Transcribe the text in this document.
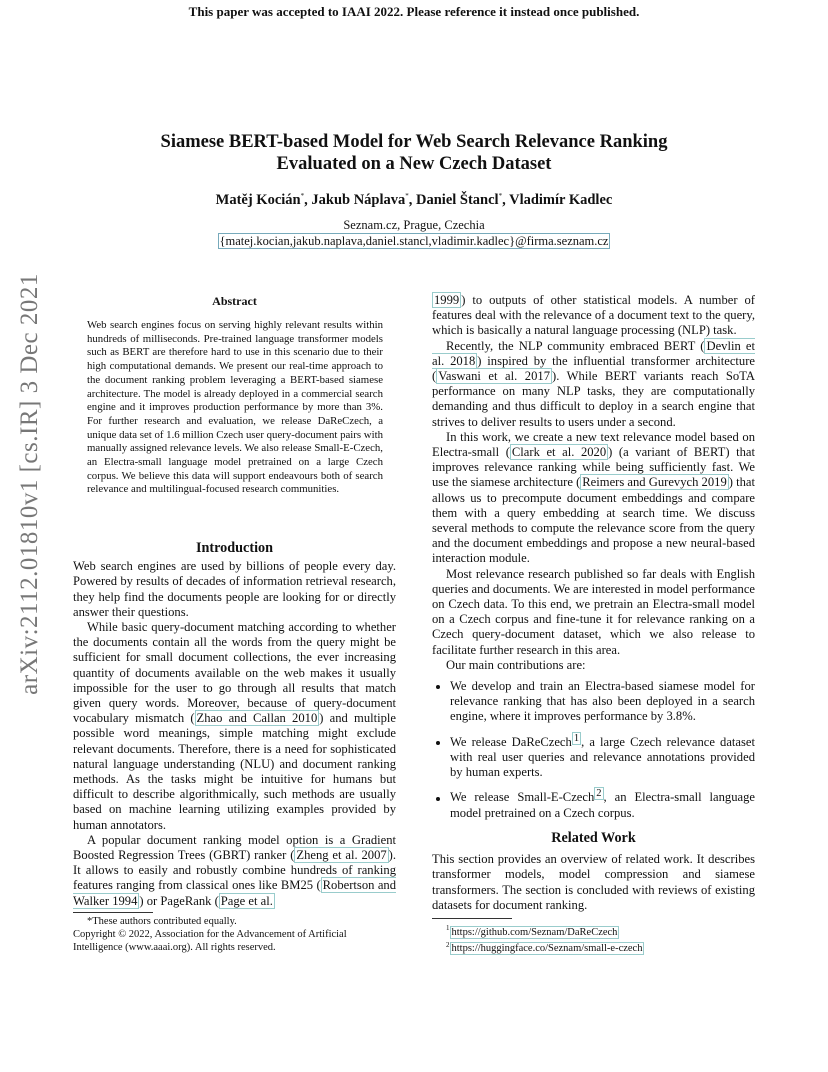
This paper was accepted to IAAI 2022. Please reference it instead once published.
arXiv:2112.01810v1 [cs.IR] 3 Dec 2021
Siamese BERT-based Model for Web Search Relevance Ranking
Evaluated on a New Czech Dataset
Matěj Kocián*, Jakub Náplava*, Daniel Štancl*, Vladimír Kadlec
Seznam.cz, Prague, Czechia
{matej.kocian,jakub.naplava,daniel.stancl,vladimir.kadlec}@firma.seznam.cz
Abstract
Web search engines focus on serving highly relevant results within hundreds of milliseconds. Pre-trained language transformer models such as BERT are therefore hard to use in this scenario due to their high computational demands. We present our real-time approach to the document ranking problem leveraging a BERT-based siamese architecture. The model is already deployed in a commercial search engine and it improves production performance by more than 3%. For further research and evaluation, we release DaReCzech, a unique data set of 1.6 million Czech user query-document pairs with manually assigned relevance levels. We also release Small-E-Czech, an Electra-small language model pretrained on a large Czech corpus. We believe this data will support endeavours both of search relevance and multilingual-focused research communities.
Introduction

Web search engines are used by billions of people every day. Powered by results of decades of information retrieval research, they help find the documents people are looking for or directly answer their questions.

While basic query-document matching according to whether the documents contain all the words from the query might be sufficient for small document collections, the ever increasing quantity of documents available on the web makes it usually impossible for the user to go through all results that match given query words. Moreover, because of query-document vocabulary mismatch ( Zhao and Callan 2010 ) and multiple possible word meanings, simple matching might exclude relevant documents. Therefore, there is a need for sophisticated natural language understanding (NLU) and document ranking methods. As the tasks might be intuitive for humans but difficult to describe algorithmically, such methods are usually based on machine learning utilizing examples provided by human annotators.

A popular document ranking model option is a Gradient Boosted Regression Trees (GBRT) ranker ( Zheng et al. 2007 ). It allows to easily and robustly combine hundreds of ranking features ranging from classical ones like BM25 ( Robertson and Walker 1994 ) or PageRank ( Page et al.

*These authors contributed equally.
Copyright © 2022, Association for the Advancement of Artificial Intelligence (www.aaai.org). All rights reserved.

1999 ) to outputs of other statistical models. A number of features deal with the relevance of a document text to the query, which is basically a natural language processing (NLP) task.

Recently, the NLP community embraced BERT ( Devlin et al. 2018 ) inspired by the influential transformer architecture ( Vaswani et al. 2017 ). While BERT variants reach SoTA performance on many NLP tasks, they are computationally demanding and thus difficult to deploy in a search engine that strives to deliver results to users under a second.

In this work, we create a new text relevance model based on Electra-small ( Clark et al. 2020 ) (a variant of BERT) that improves relevance ranking while being sufficiently fast. We use the siamese architecture ( Reimers and Gurevych 2019 ) that allows us to precompute document embeddings and compare them with a query embedding at search time. We discuss several methods to compute the relevance score from the query and the document embeddings and propose a new neural-based interaction module.

Most relevance research published so far deals with English queries and documents. We are interested in model performance on Czech data. To this end, we pretrain an Electra-small model on a Czech corpus and fine-tune it for relevance ranking on a Czech query-document dataset, which we also release to facilitate further research in this area.

Our main contributions are:

• We develop and train an Electra-based siamese model for relevance ranking that has also been deployed in a search engine, where it improves performance by 3.8%.
• We release DaReCzech $^1$ , a large Czech relevance dataset with real user queries and relevance annotations provided by human experts.
• We release Small-E-Czech $^2$ , an Electra-small language model pretrained on a Czech corpus.
Related Work

This section provides an overview of related work. It describes transformer models, model compression and siamese transformers. The section is concluded with reviews of existing datasets for document ranking.

$^1$ https://github.com/Seznam/DaReCzech
$^2$ https://huggingface.co/Seznam/small-e-czech
